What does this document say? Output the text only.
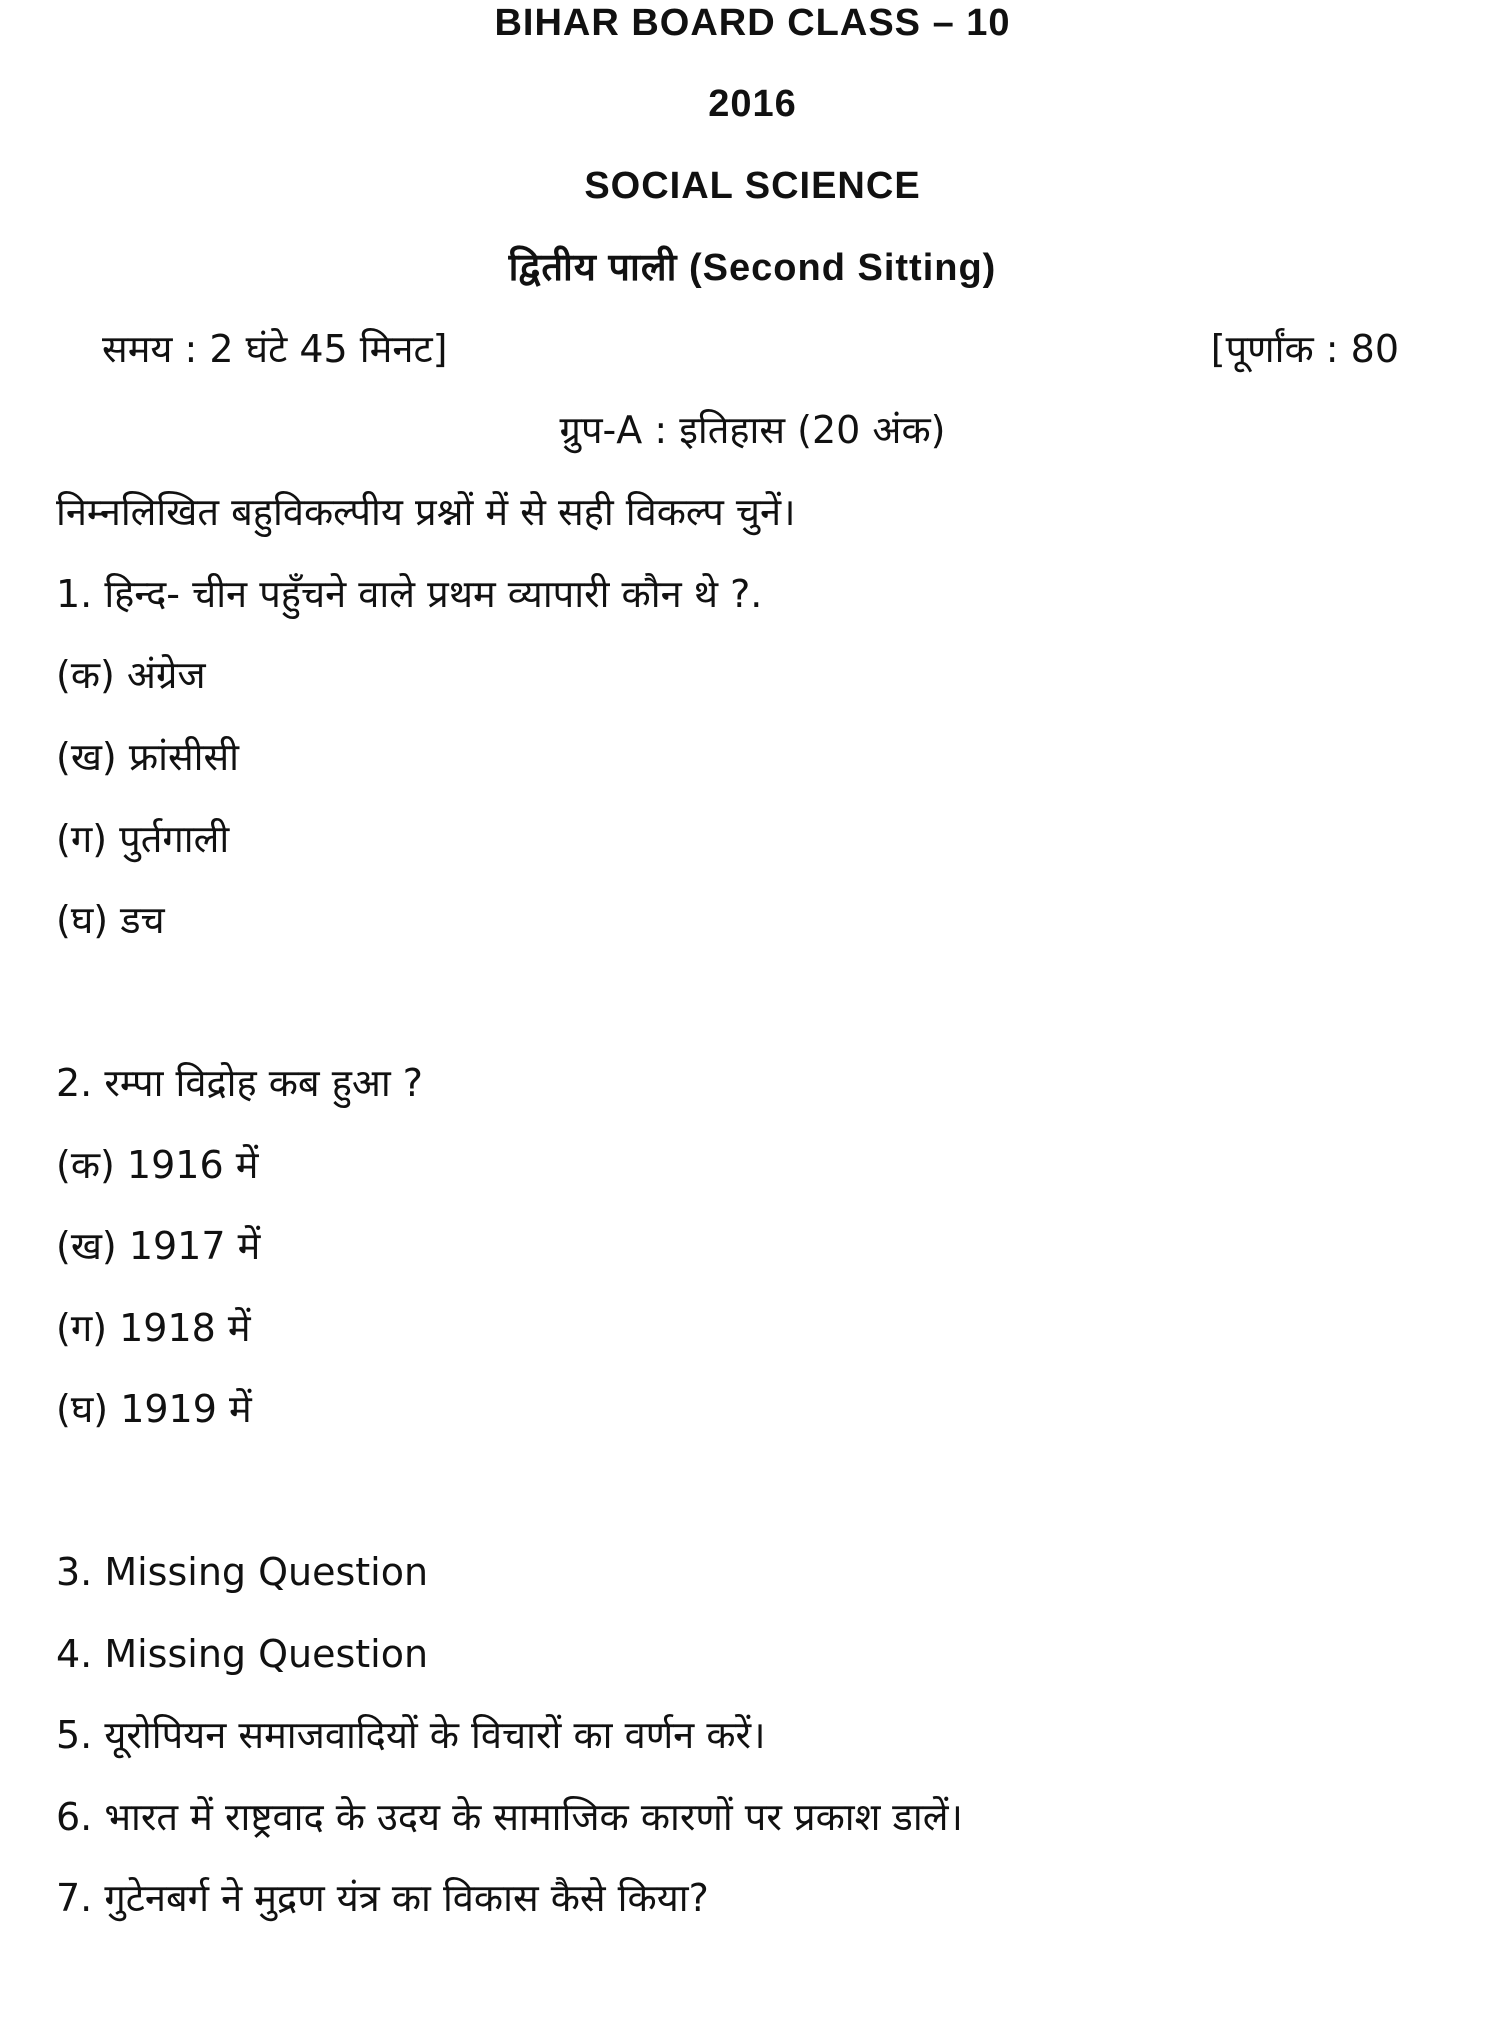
BIHAR BOARD CLASS – 10
2016
SOCIAL SCIENCE
द्वितीय पाली (Second Sitting)
समय : 2 घंटे 45 मिनट]	[पूर्णांक : 80
ग्रुप-A : इतिहास (20 अंक)
निम्नलिखित बहुविकल्पीय प्रश्नों में से सही विकल्प चुनें।
1. हिन्द- चीन पहुँचने वाले प्रथम व्यापारी कौन थे ?.
(क) अंग्रेज
(ख) फ्रांसीसी
(ग) पुर्तगाली
(घ) डच
2. रम्पा विद्रोह कब हुआ ?
(क) 1916 में
(ख) 1917 में
(ग) 1918 में
(घ) 1919 में
3. Missing Question
4. Missing Question
5. यूरोपियन समाजवादियों के विचारों का वर्णन करें।
6. भारत में राष्ट्रवाद के उदय के सामाजिक कारणों पर प्रकाश डालें।
7. गुटेनबर्ग ने मुद्रण यंत्र का विकास कैसे किया?
